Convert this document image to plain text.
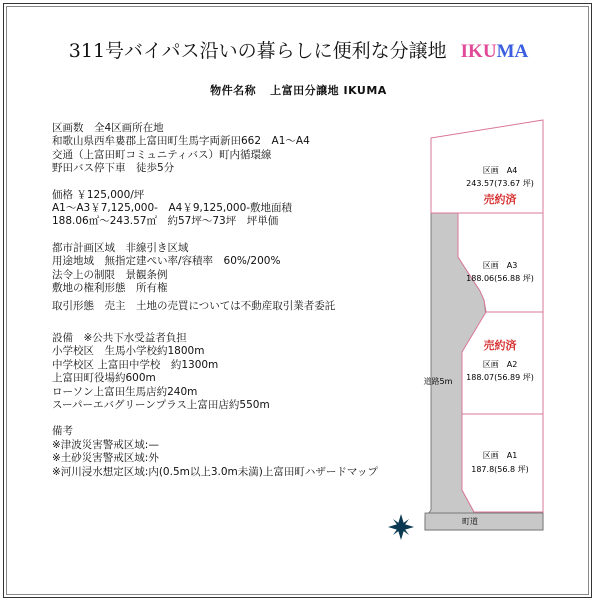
311号バイパス沿いの暮らしに便利な分譲地 IKUMA
物件名称 上富田分譲地 IKUMA
区画数　全4区画所在地
和歌山県西牟婁郡上富田町生馬字両新田662　A1～A4
交通（上富田町コミュニティバス）町内循環線
野田バス停下車　徒歩5分
価格 ￥125,000/坪
A1～A3￥7,125,000-　A4￥9,125,000-敷地面積
188.06㎡～243.57㎡　約57坪～73坪　坪単価
都市計画区域　非線引き区域
用途地域　無指定建ぺい率/容積率　60%/200%
法令上の制限　景観条例
敷地の権利形態　所有権
取引形態　売主　土地の売買については不動産取引業者委託
設備　※公共下水受益者負担
小学校区　生馬小学校約1800m
中学校区 上富田中学校　約1300m
上富田町役場約600m
ローソン上富田生馬店約240m
スーパーエバグリーンプラス上富田店約550m
備考
※津波災害警戒区域:—
※土砂災害警戒区域:外
※河川浸水想定区域:内(0.5m以上3.0m未満)上富田町ハザードマップ
区画　A4
243.57(73.67 坪)
売約済
区画　A3
188.06(56.88 坪)
売約済
区画　A2
188.07(56.89 坪)
区画　A1
187.8(56.8 坪)
道路5m
町道
